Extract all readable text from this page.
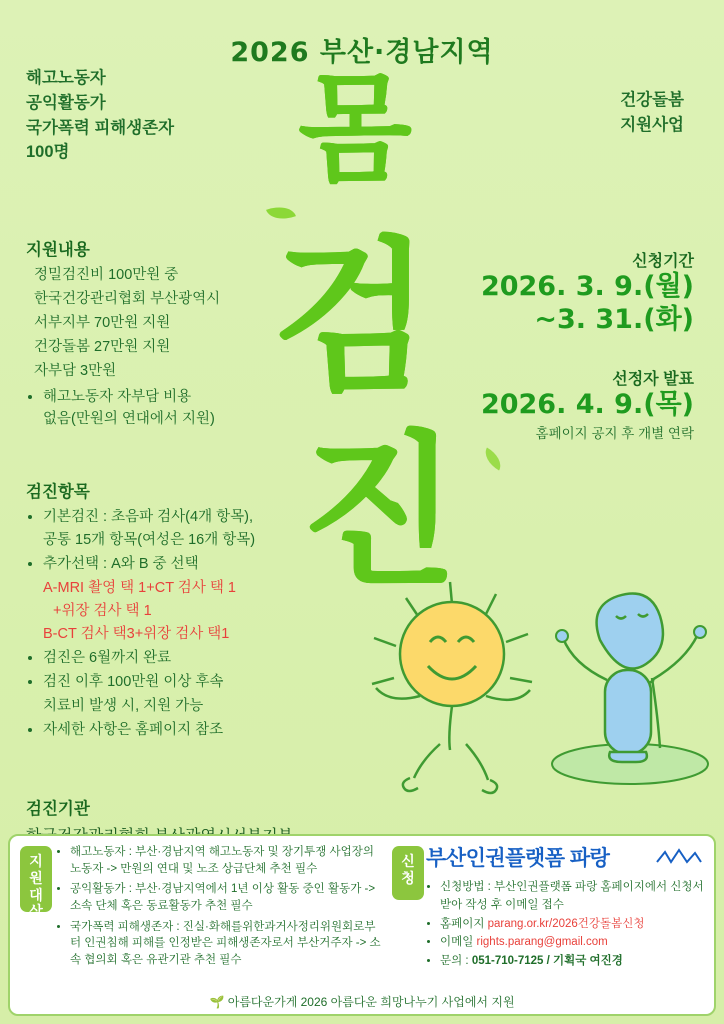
2026 부산·경남지역
해고노동자
공익활동가
국가폭력 피해생존자
100명
건강돌봄
지원사업
몸
검
진
지원내용
정밀검진비 100만원 중
한국건강관리협회 부산광역시
서부지부 70만원 지원
건강돌봄 27만원 지원
자부담 3만원
• 해고노동자 자부담 비용
없음(만원의 연대에서 지원)
검진항목
• 기본검진 : 초음파 검사(4개 항목),
공통 15개 항목(여성은 16개 항목)
• 추가선택 : A와 B 중 선택
A-MRI 촬영 택 1+CT 검사 택 1
+위장 검사 택 1
B-CT 검사 택3+위장 검사 택1
• 검진은 6월까지 완료
• 검진 이후 100만원 이상 후속
치료비 발생 시, 지원 가능
• 자세한 사항은 홈페이지 참조
검진기관
신청기간
2026. 3. 9.(월)
~3. 31.(화)
선정자 발표
2026. 4. 9.(목)
홈페이지 공지 후 개별 연락
지
원
대
상
신
청
• 해고노동자 : 부산·경남지역 해고노동자 및 장기투쟁 사업장의 노동자 -> 만원의 연대 및 노조 상급단체 추천 필수
• 공익활동가 : 부산·경남지역에서 1년 이상 활동 중인 활동가 -> 소속 단체 혹은 동료활동가 추천 필수
• 국가폭력 피해생존자 : 진실·화해를위한과거사정리위원회로부터 인권침해 피해를 인정받은 피해생존자로서 부산거주자 -> 소속 협의회 혹은 유관기관 추천 필수
부산인권플랫폼 파랑
• 신청방법 : 부산인권플랫폼 파랑 홈페이지에서 신청서 받아 작성 후 이메일 접수
• 홈페이지 parang.or.kr/2026건강돌봄신청
• 이메일 rights.parang@gmail.com
• 문의 : 051-710-7125 / 기획국 여진경
🌱 아름다운가게 2026 아름다운 희망나누기 사업에서 지원
